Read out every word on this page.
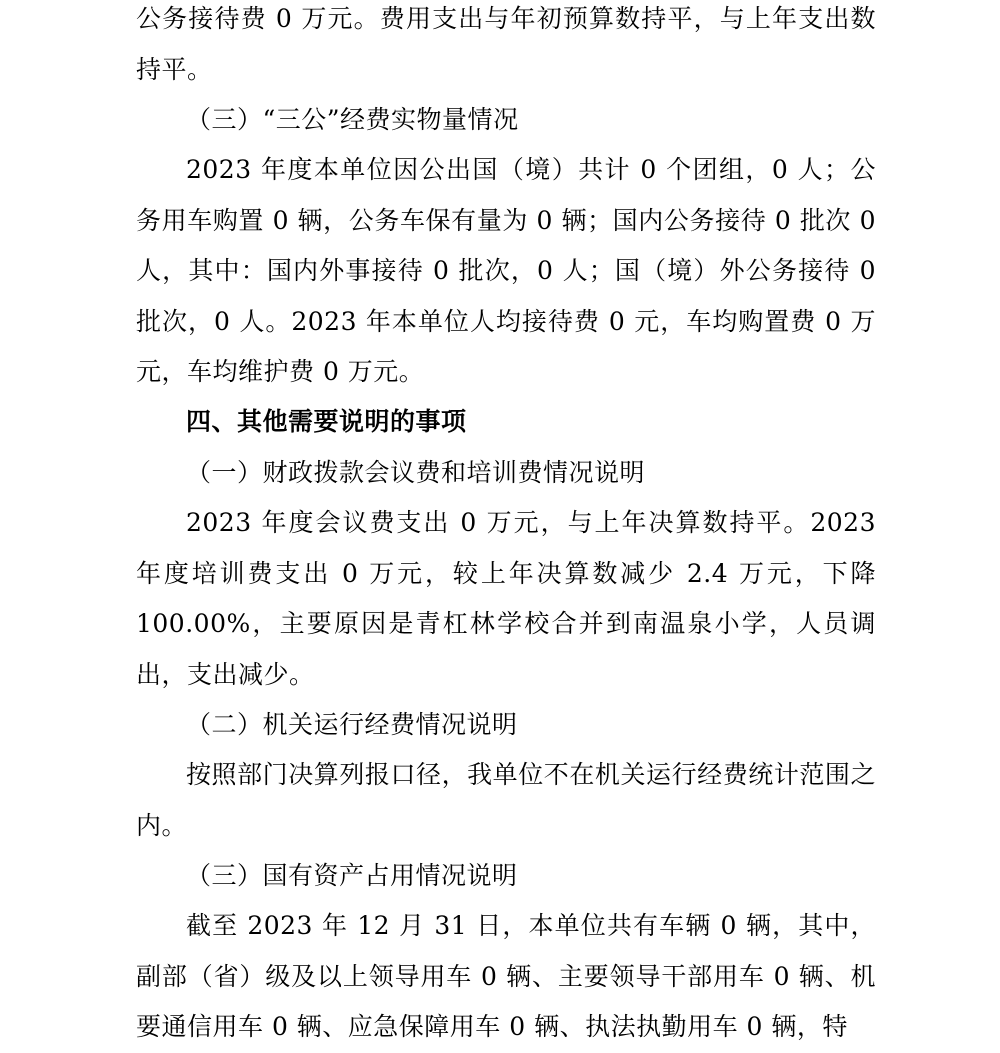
公务接待费 0 万元。费用支出与年初预算数持平，与上年支出数持平。

（三）“三公”经费实物量情况

2023 年度本单位因公出国（境）共计 0 个团组，0 人；公务用车购置 0 辆，公务车保有量为 0 辆；国内公务接待 0 批次 0 人，其中：国内外事接待 0 批次，0 人；国（境）外公务接待 0 批次，0 人。2023 年本单位人均接待费 0 元，车均购置费 0 万元，车均维护费 0 万元。

四、其他需要说明的事项

（一）财政拨款会议费和培训费情况说明

2023 年度会议费支出 0 万元，与上年决算数持平。2023 年度培训费支出 0 万元，较上年决算数减少 2.4 万元，下降 100.00%，主要原因是青杠林学校合并到南温泉小学，人员调出，支出减少。

（二）机关运行经费情况说明

按照部门决算列报口径，我单位不在机关运行经费统计范围之内。

（三）国有资产占用情况说明

截至 2023 年 12 月 31 日，本单位共有车辆 0 辆，其中，副部（省）级及以上领导用车 0 辆、主要领导干部用车 0 辆、机要通信用车 0 辆、应急保障用车 0 辆、执法执勤用车 0 辆，特
